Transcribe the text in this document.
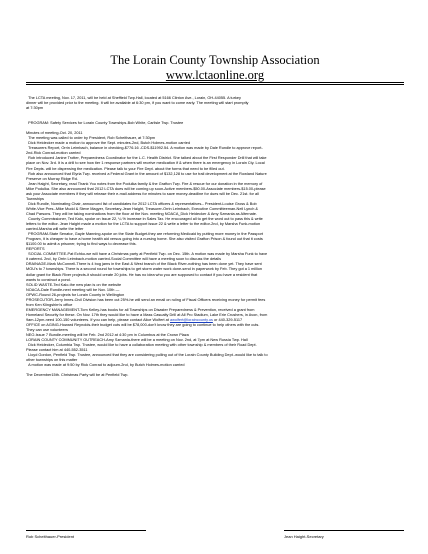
The Lorain County Township Association
www.lctaonline.org

The LCTA meeting, Nov. 17, 2011, will be held at Sheffield Twp.Hall, located at 5166 Clinton Ave., Lorain, OH-44055. A turkey

dinner will be provided prior to the meeting. It will be available at 6:30 pm, if you want to come early. The meeting will start promptly

at 7:30pm

PROGRAM: Safety Services for Lorain County Townships-Bob White, Carlisle Twp. Trustee

Minutes of meeting-Oct. 20, 2011

The meeting was called to order by President, Rob Scheithauer, at 7:30pm

Dick Heidecker made a motion to approve the Sept. minutes-2nd, Butch Holmes-motion carried

Treasurers Report, Orrin Leimbach, balance in checking-$776.16 -CDS-$11992.54. A motion was made by Dale Rundle to approve report-

2nd-Rick Conrad-motion carried

Rob introduced Janine Trotter, Preparedness Coordinator for the L.C. Health District. She talked about the First Responder Drill that will take

place on Nov. 3rd. It is a drill to see how tier 1 response partners will receive medication if & when there is an emergency in Lorain Cty. Local

Fire Depts. will be dispensing the medication. Please talk to your Fire Dept. about the forms that need to be filled out.

Rob also announced that Elyria Twp. received a Federal Grant in the amount of $132,128 to use for trail development at the Rowland Nature

Preserve on Murray Ridge Rd.

Jean Haight, Secretary, read Thank You notes from the Podulka family & the Grafton Twp. Fire & rescue for our donation in the memory of

Mike Podulka. She also announced that 2012 LCTA dues will be coming up soon-Active members-$50.00-Associate members-$15.00-please

ask your Associate members if they will release their e-mail address for minutes to save money-deadline for dues will be Dec. 21st. for all

Townships

Dick Rundle, Nominating Chair, announced list of candidates for 2012 LCTA officers & representatives-- President-Louise Gross & Bob

White-Vice Pres.-Mike Mudd & Steve Magyer, Secretary-Jean Haight, Treasurer-Orrin Leimbach, Executive Committeeman-Neil Lynch &

Chad Parsons. They will be taking nominations from the floor at the Nov. meeting NOACA_Dick Heidecker & Amy Szmania as Alternate.

County Commissioner, Ted Kalo, spoke on Issue 22, ¼ % increase in Sales Tax. He encouraged all to get the word out to pass this & write

letters to the editor. Jean Haight made a motion for the LCTA to support Issue 22 & write a letter to the editor-2nd, by Marsha Funk-motion

carried-Marsha will write the letter

PROGRAM-State Senator, Gayle Manning-spoke on the State Budget-they are reforming Medicaid by putting more money in the Passport

Program, it is cheaper to have a home health aid versus going into a nursing home. She also visited Grafton Prison & found out that it costs

$1100.00 to admit a prisoner, trying to find ways to decrease this.

REPORTS

SOCIAL COMMITTEE-Pat Echko-we will have a Christmas party at Penfield Twp. on Dec. 15th. A motion was made by Marsha Funk to have

it catered- 2nd, by Orrin Leimbach-motion carried-Social Committee will have a meeting soon to discuss the details

DRAINAGE-Mark McConnell-There is 4 bog jams in the East & West branch of the Black River-nothing has been done yet. They have sent

MOU's to 7 townships. There is a second round for townships to get storm water work done-send in paperwork by Feb. They got a 1 million

dollar grant for Black River projects-it should create 20 jobs. He has no idea who you are supposed to contact if you have a resident that

wants to construct a pond.

SOLID WASTE-Ted Kalo-the new plan is on the website

NOACA-Dale Rundle-next meeting will be Nov. 10th —

OPWC-Round 26-projects for Lorain County in Wellington

PROSECUTOR-Jerry Innes-Civil Division has been cut 25%-he will send an email on ruling of Fiscal Officers receiving money for permit fees

from Ken Klingshirn's office

EMERGENCY MANAGEMENT-Tom Kelley-has books for all Townships on Disaster Preparedness & Prevention, received a grant from

Homeland Security for these. On Nov. 17th they would like to have a Mass Casualty Drill at All Pro Stadium, Lake Erie Crushers, in Avon, from

9am-12pm-need 100-150 volunteers. If you can help, please contact Alice Wolfert at awolfert@loraincounty.us or 440-329-5117

OFFICE on AGING-Howard Reynolds-their budget cuts will be $78,000-don't know they are going to continue to help others with the cuts.

They can use volunteers

NEO-Issue 7 Bundle-meeting will be Feb. 2nd 2012 at 4:30 pm in Columbus at the Crown Plaza

LORAIN COUNTY COMMUNITY OUTREACH-Amy Szmania-there will be a meeting on Nov. 2nd, at 7pm at New Russia Twp. Hall

Dick Heidecker, Columbia Twp. Trustee, would like to have a collaboration meeting with other township & members of their Road Dept.

Please contact him at 440-552-3511

Lloyd Gordon, Penfield Twp. Trustee, announced that they are considering pulling out of the Lorain County Building Dept.-would like to talk to

other townships on this matter

A motion was made at 9:50 by Rick Conrad to adjourn-2nd, by Butch Holmes-motion carried

The December15th. Christmas Party will be at Penfield Twp.

Rob Scheithauer-President	Jean Haight-Secretary
